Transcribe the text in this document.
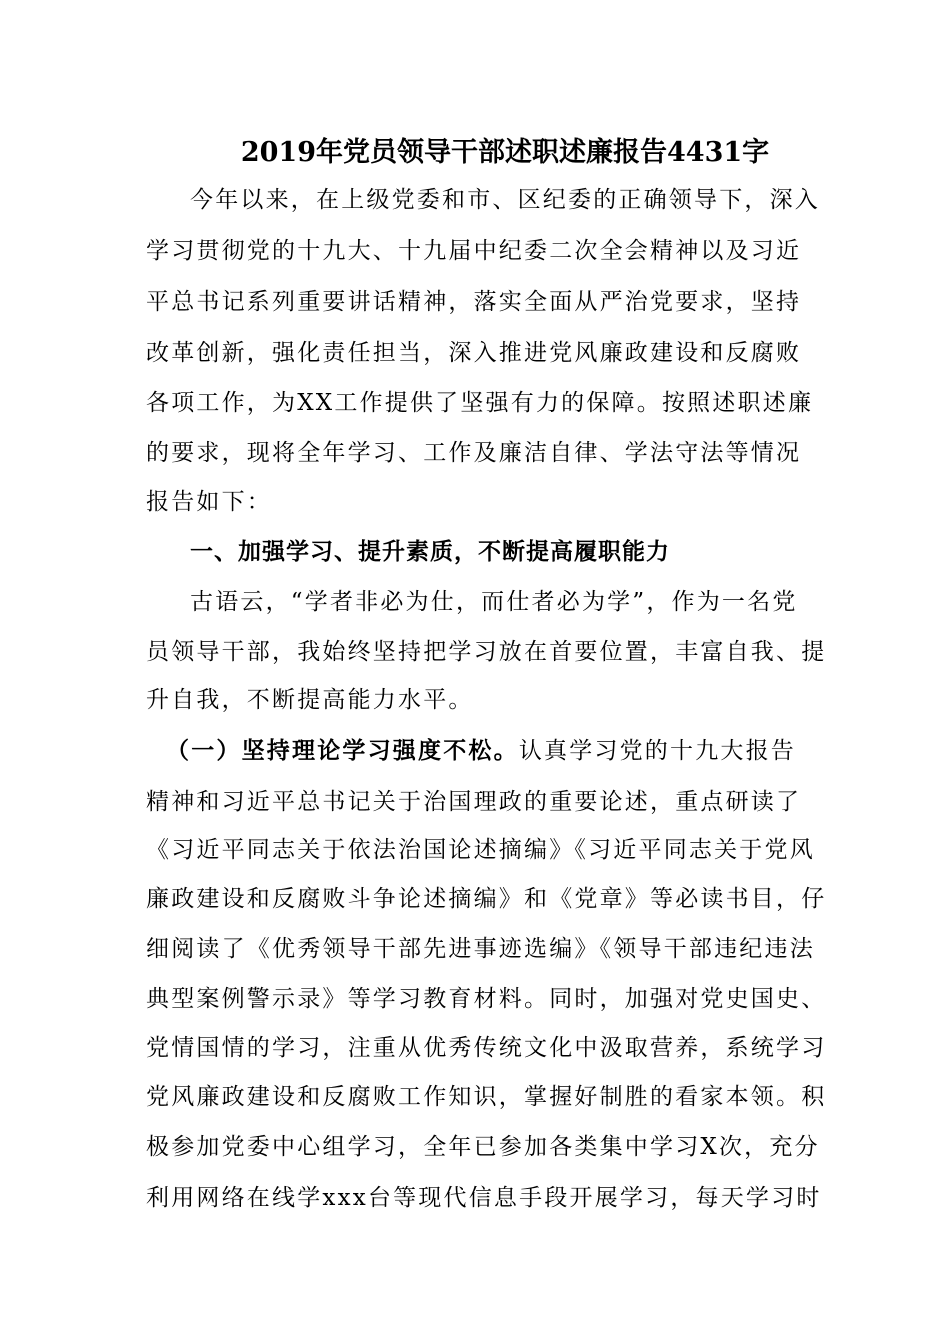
2019年党员领导干部述职述廉报告4431字
今年以来，在上级党委和市、区纪委的正确领导下，深入
学习贯彻党的十九大、十九届中纪委二次全会精神以及习近
平总书记系列重要讲话精神，落实全面从严治党要求，坚持
改革创新，强化责任担当，深入推进党风廉政建设和反腐败
各项工作，为XX工作提供了坚强有力的保障。按照述职述廉
的要求，现将全年学习、工作及廉洁自律、学法守法等情况
报告如下：
一、加强学习、提升素质，不断提高履职能力
古语云，“学者非必为仕，而仕者必为学”，作为一名党
员领导干部，我始终坚持把学习放在首要位置，丰富自我、提
升自我，不断提高能力水平。
（一）坚持理论学习强度不松。认真学习党的十九大报告
精神和习近平总书记关于治国理政的重要论述，重点研读了
《习近平同志关于依法治国论述摘编》《习近平同志关于党风
廉政建设和反腐败斗争论述摘编》和《党章》等必读书目，仔
细阅读了《优秀领导干部先进事迹选编》《领导干部违纪违法
典型案例警示录》等学习教育材料。同时，加强对党史国史、
党情国情的学习，注重从优秀传统文化中汲取营养，系统学习
党风廉政建设和反腐败工作知识，掌握好制胜的看家本领。积
极参加党委中心组学习，全年已参加各类集中学习X次，充分
利用网络在线学xxx台等现代信息手段开展学习，每天学习时
